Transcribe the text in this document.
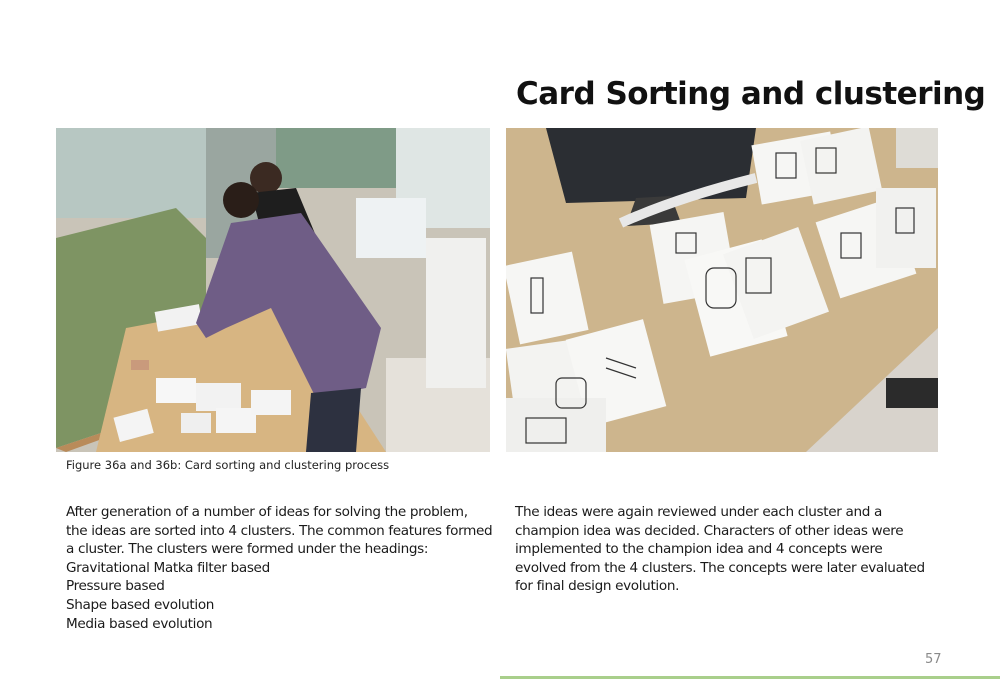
Card Sorting and clustering
Figure 36a and 36b: Card sorting and clustering process
After generation of a number of ideas for solving the problem,
the ideas are sorted into 4 clusters. The common features formed
a cluster. The clusters were formed under the headings:
Gravitational Matka filter based
Pressure based
Shape based evolution
Media based evolution
The ideas were again reviewed under each cluster and a
champion idea was decided. Characters of other ideas were
implemented to the champion idea and 4 concepts were
evolved from the 4 clusters. The concepts were later evaluated
for final design evolution.
57
